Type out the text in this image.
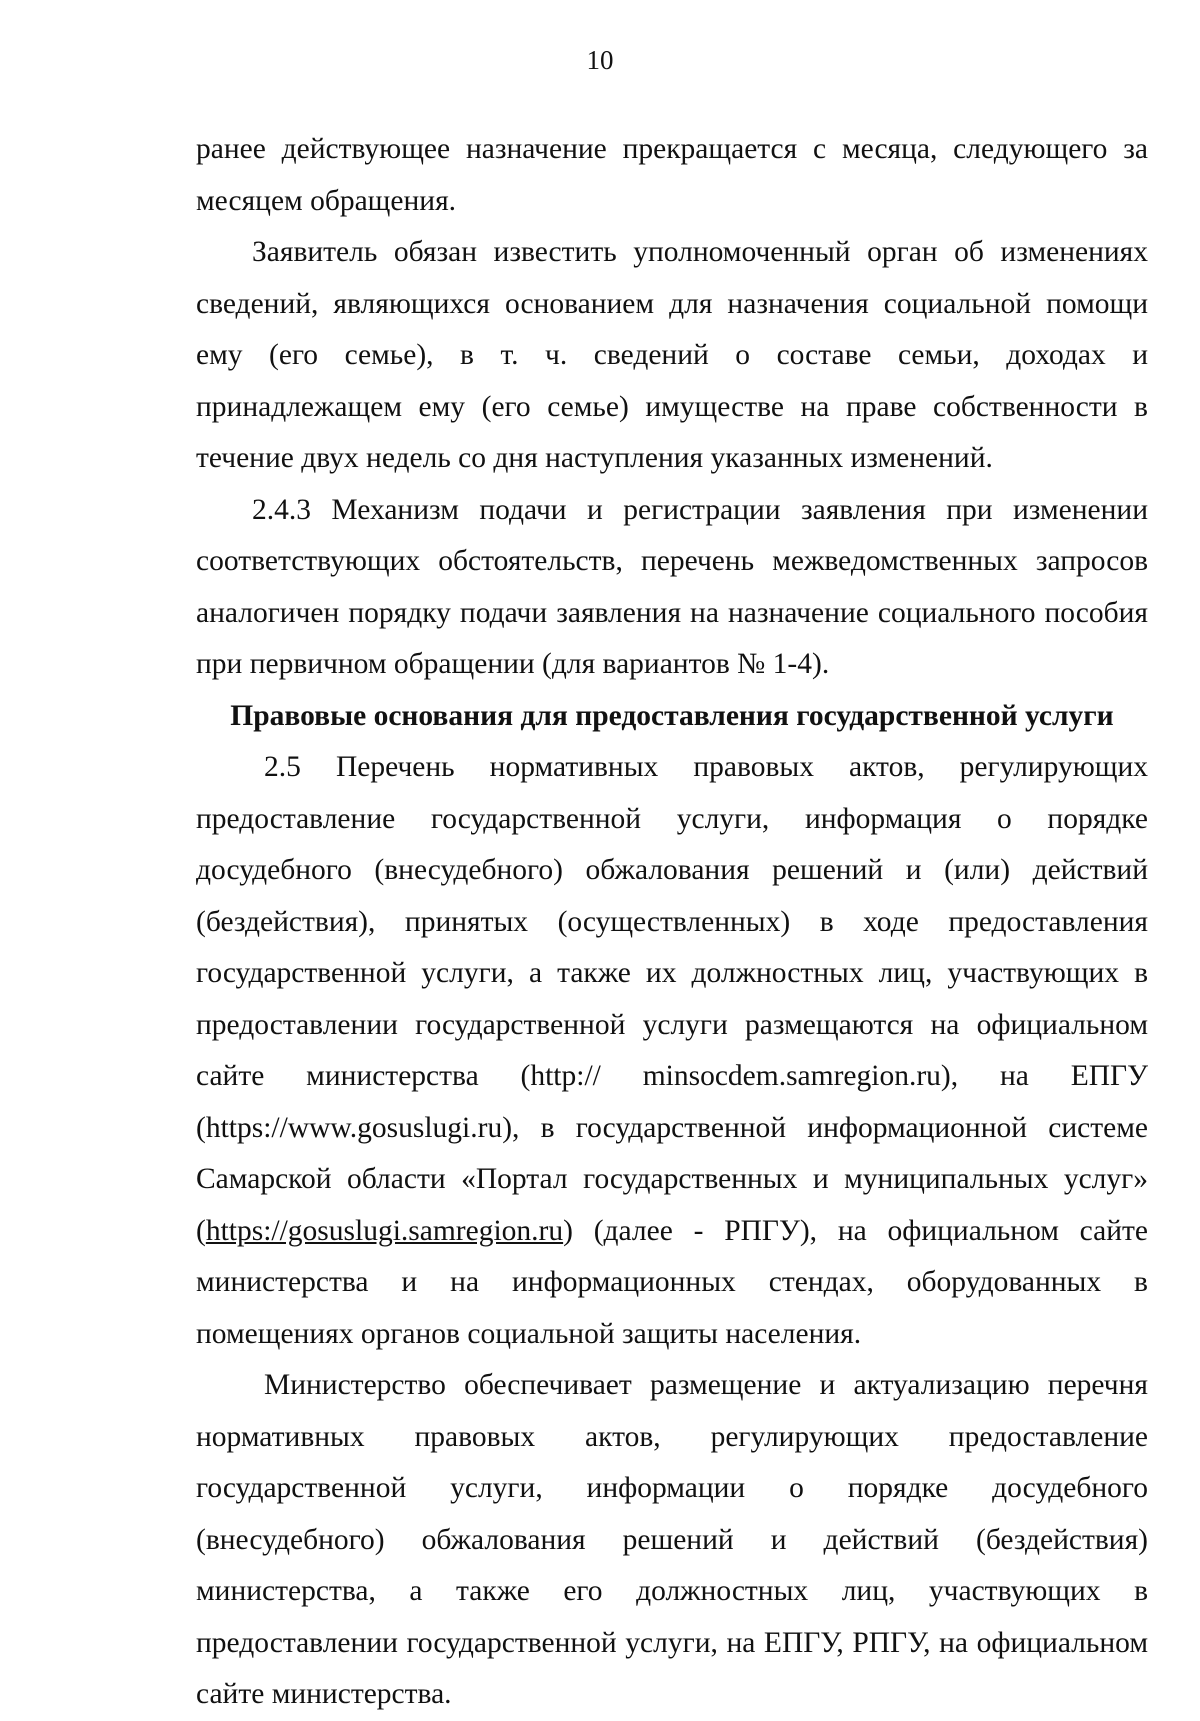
10

ранее действующее назначение прекращается с месяца, следующего за месяцем обращения.

Заявитель обязан известить уполномоченный орган об изменениях сведений, являющихся основанием для назначения социальной помощи ему (его семье), в т. ч. сведений о составе семьи, доходах и принадлежащем ему (его семье) имуществе на праве собственности в течение двух недель со дня наступления указанных изменений.

2.4.3 Механизм подачи и регистрации заявления при изменении соответствующих обстоятельств, перечень межведомственных запросов аналогичен порядку подачи заявления на назначение социального пособия при первичном обращении (для вариантов № 1-4).

Правовые основания для предоставления государственной услуги

2.5 Перечень нормативных правовых актов, регулирующих предоставление государственной услуги, информация о порядке досудебного (внесудебного) обжалования решений и (или) действий (бездействия), принятых (осуществленных) в ходе предоставления государственной услуги, а также их должностных лиц, участвующих в предоставлении государственной услуги размещаются на официальном сайте министерства (http:// minsocdem.samregion.ru), на ЕПГУ (https://www.gosuslugi.ru), в государственной информационной системе Самарской области «Портал государственных и муниципальных услуг» (https://gosuslugi.samregion.ru) (далее - РПГУ), на официальном сайте министерства и на информационных стендах, оборудованных в помещениях органов социальной защиты населения.

Министерство обеспечивает размещение и актуализацию перечня нормативных правовых актов, регулирующих предоставление государственной услуги, информации о порядке досудебного (внесудебного) обжалования решений и действий (бездействия) министерства, а также его должностных лиц, участвующих в предоставлении государственной услуги, на ЕПГУ, РПГУ, на официальном сайте министерства.
